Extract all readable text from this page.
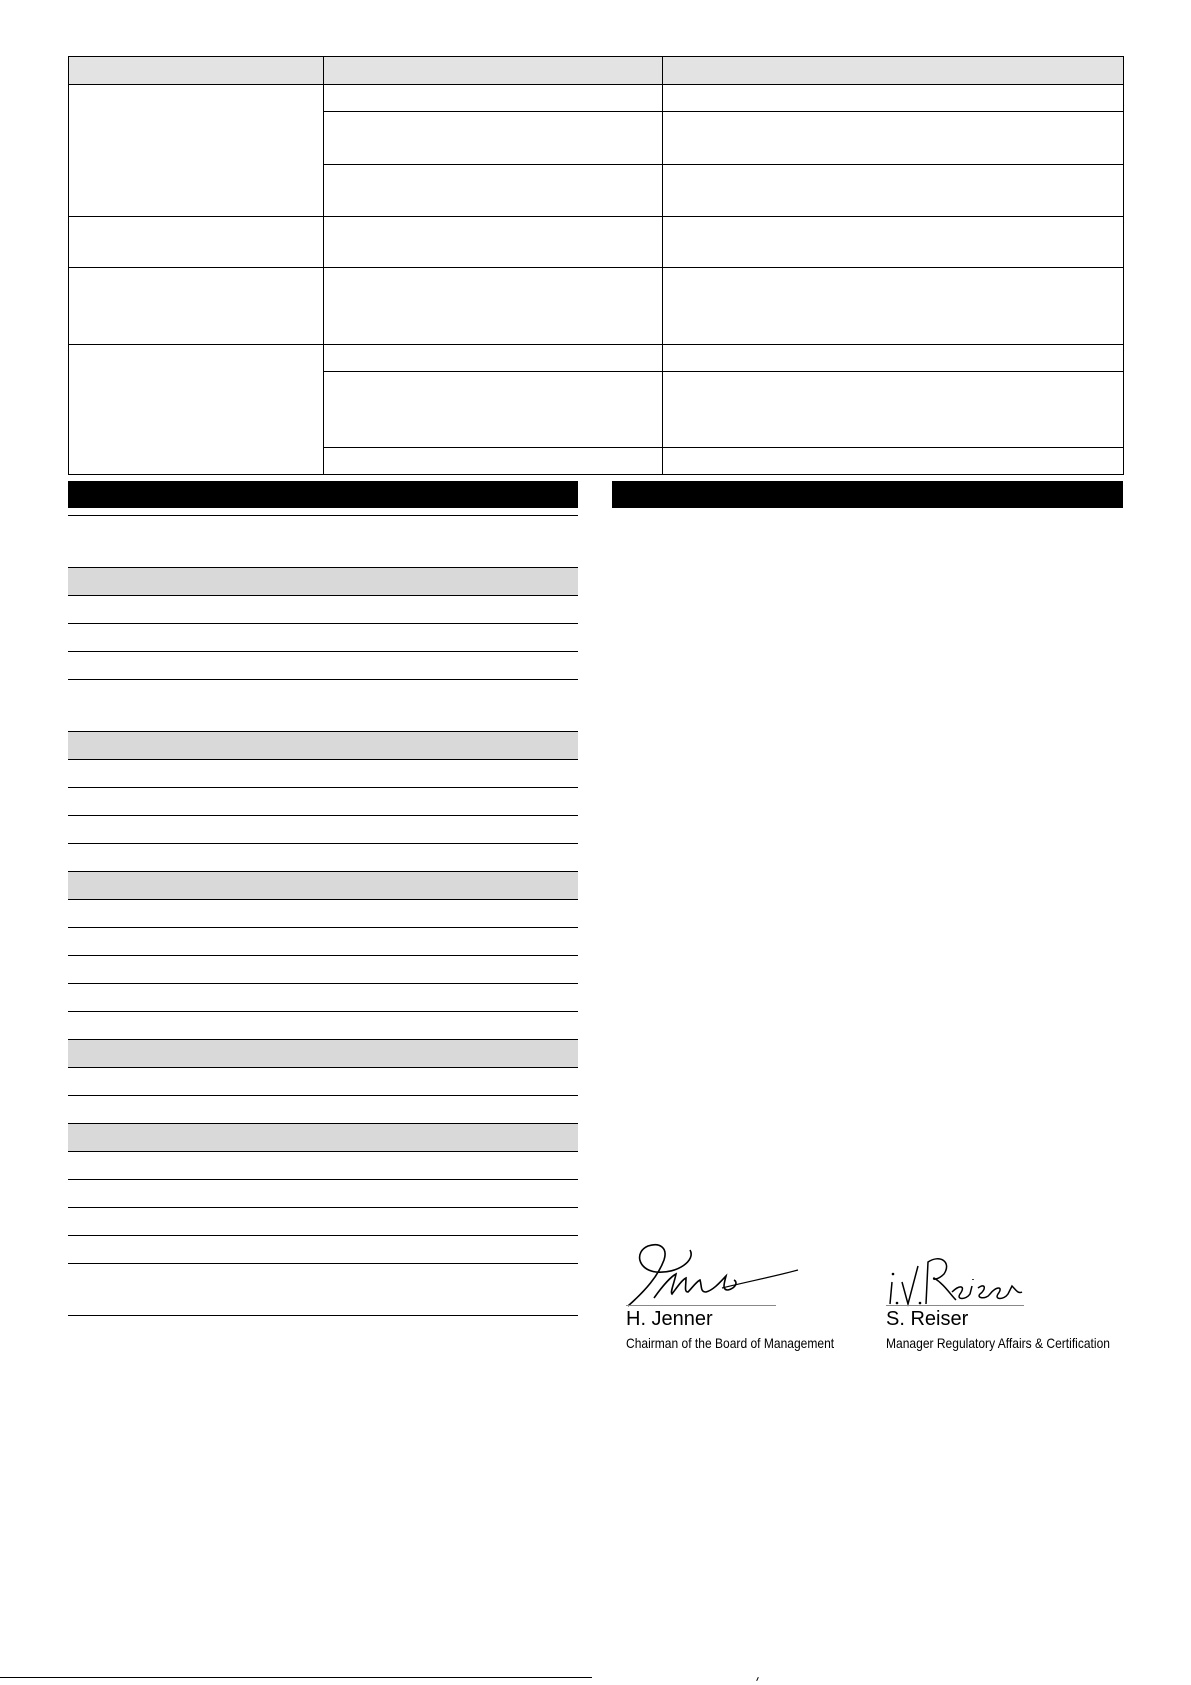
H. Jenner
Chairman of the Board of Management
S. Reiser
Manager Regulatory Affairs & Certification
